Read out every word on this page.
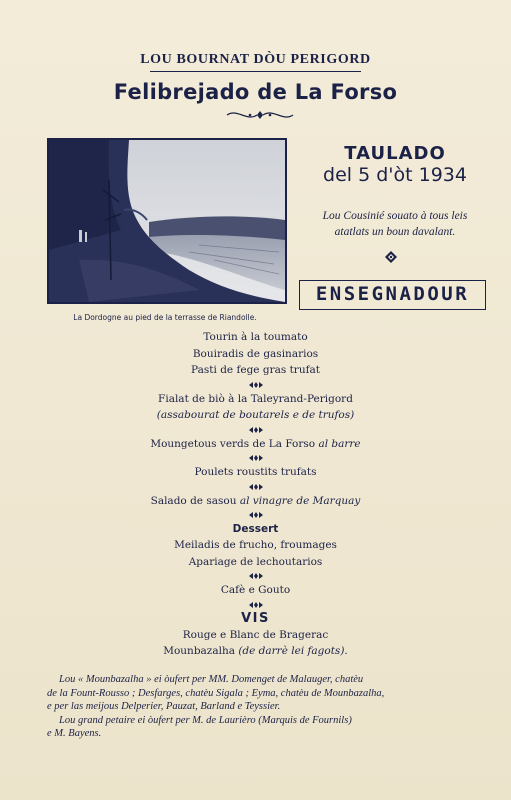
LOU BOURNAT DÒU PERIGORD
Felibrejado de La Forso
La Dordogne au pied de la terrasse de Riandolle.
TAULADO
del 5 d'òt 1934
Lou Cousinié souato à tous leis
atatlats un boun davalant.
ENSEGNADOUR
Tourin à la toumato
Bouiradis de gasinarios
Pasti de fege gras trufat
Fialat de biò à la Taleyrand-Perigord
(assabourat de boutarels e de trufos)
Moungetous verds de La Forso al barre
Poulets roustits trufats
Salado de sasou al vinagre de Marquay
Dessert
Meiladis de frucho, froumages
Apariage de lechoutarios
Cafè e Gouto
VIS
Rouge e Blanc de Bragerac
Mounbazalha (de darrè lei fagots).
Lou « Mounbazalha » ei òufert per MM. Domenget de Malauger, chatèu
de la Fount-Rousso ; Desfarges, chatèu Sigala ; Eyma, chatèu de Mounbazalha,
e per las meijous Delperier, Pauzat, Barland e Teyssier.
Lou grand petaire ei òufert per M. de Laurièro (Marquis de Fournils)
e M. Bayens.
